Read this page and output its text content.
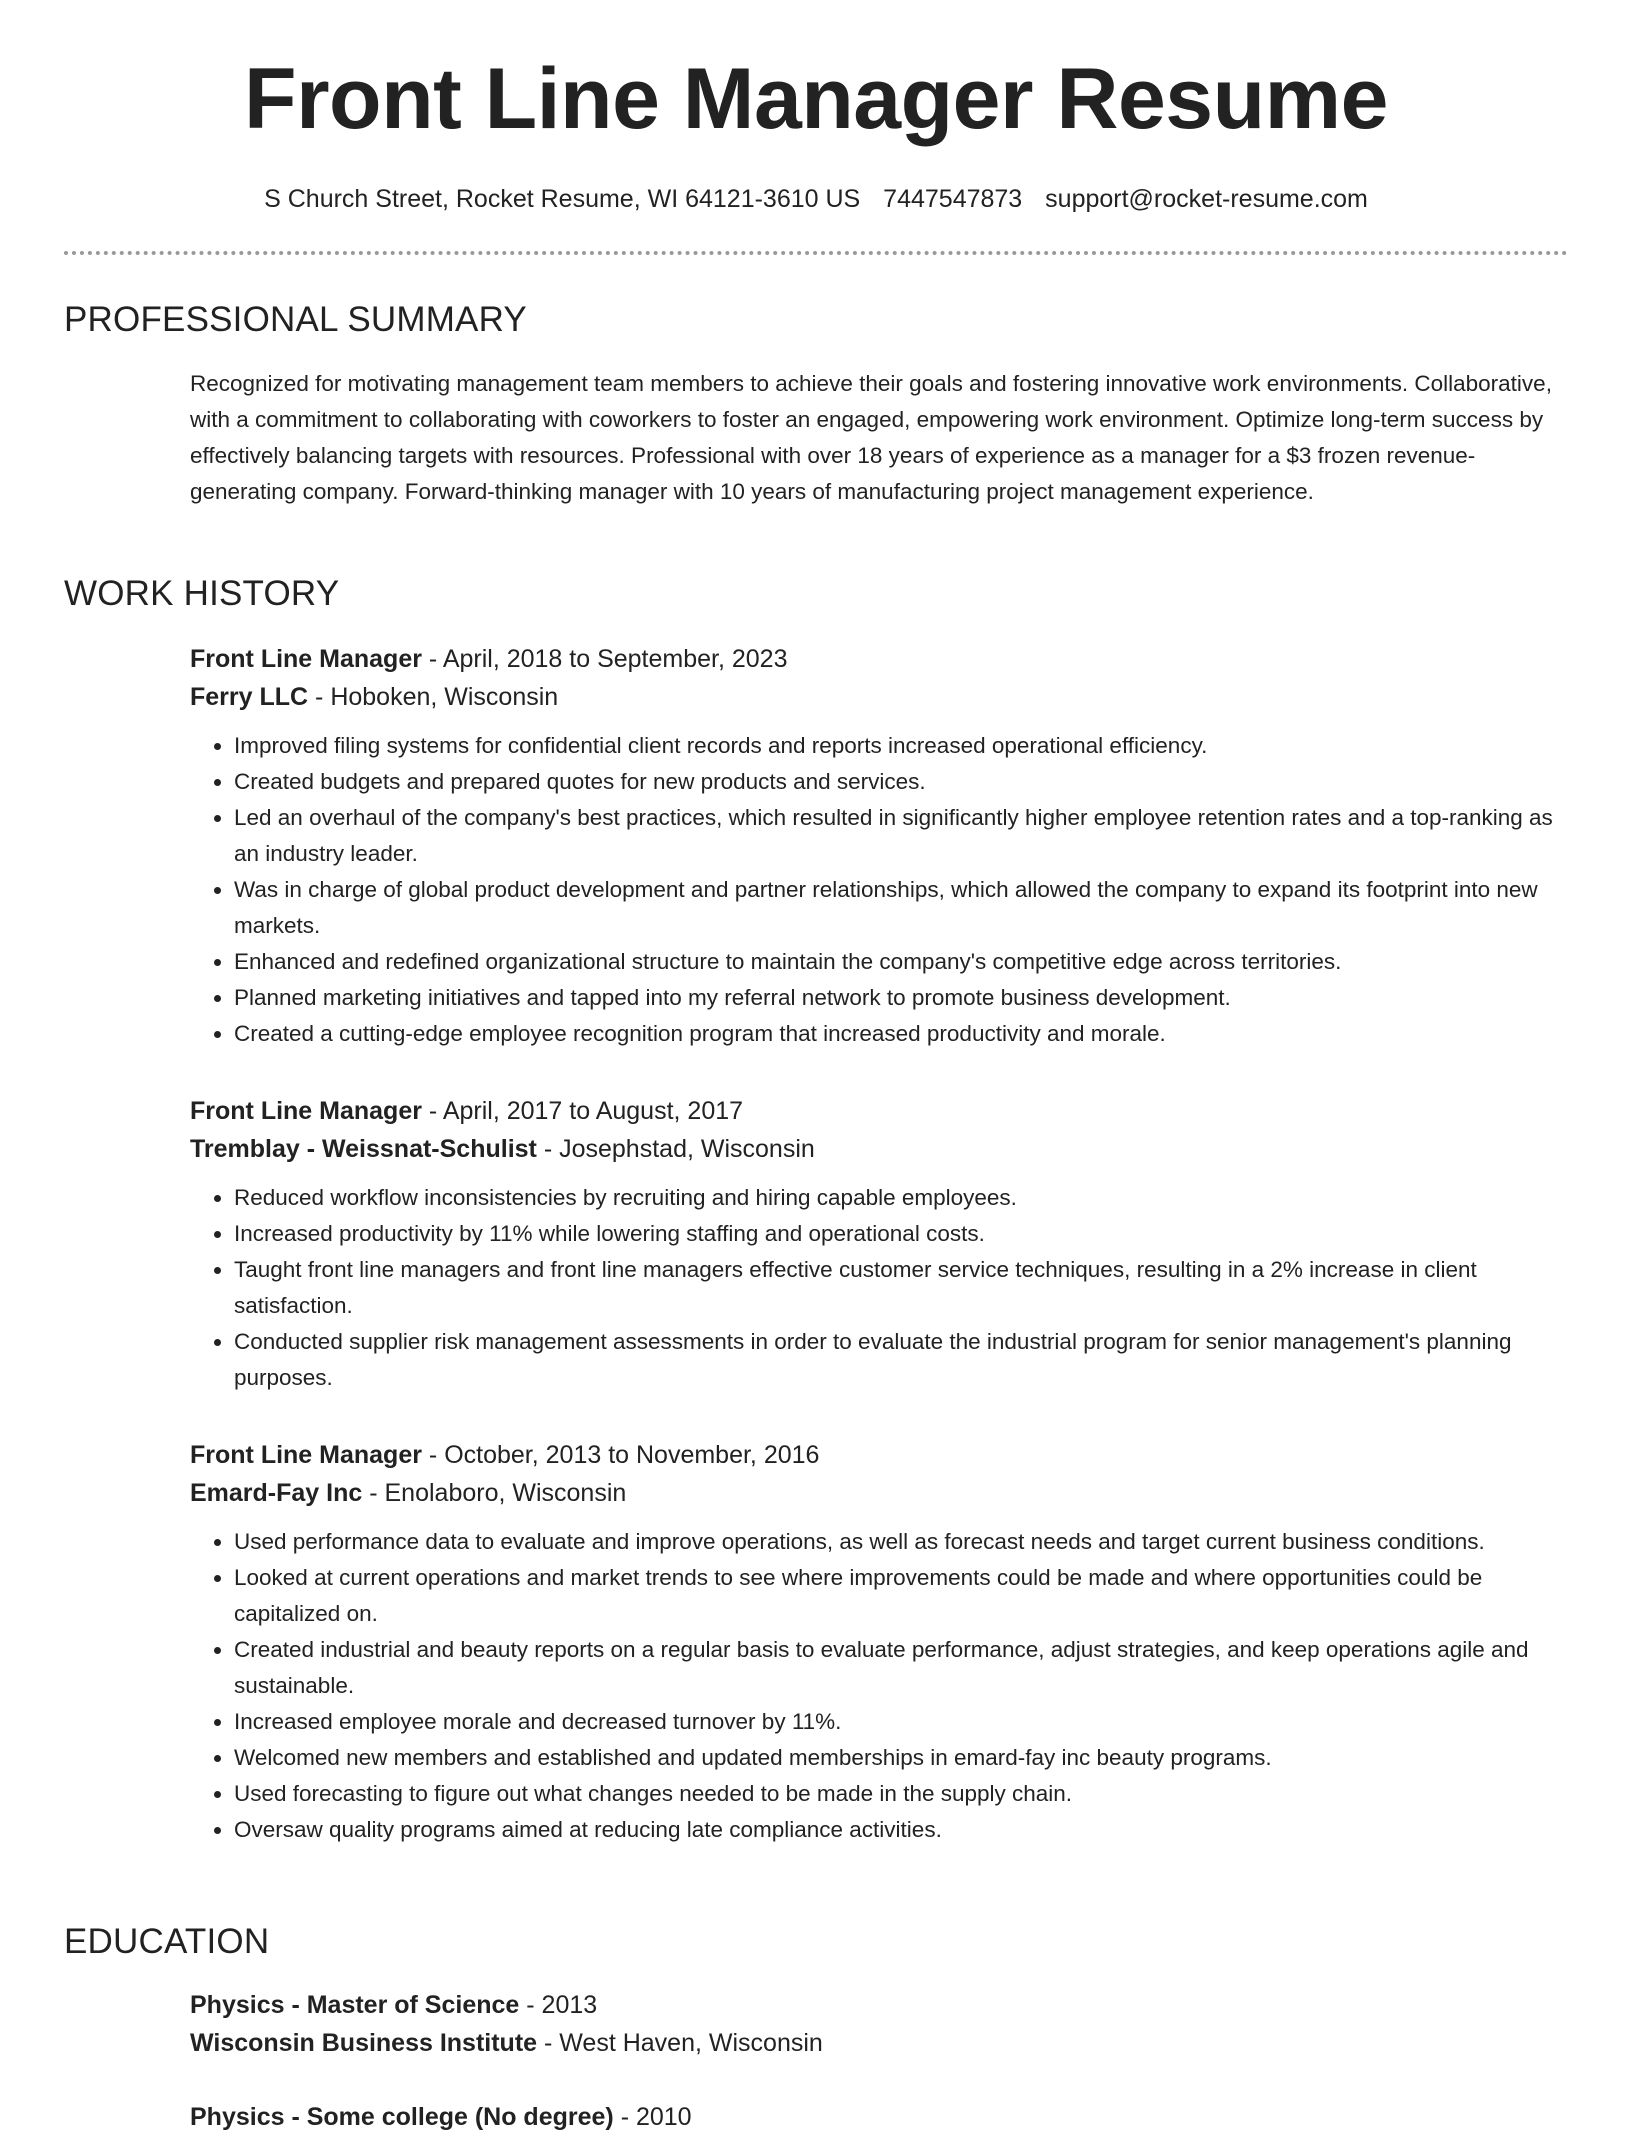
Front Line Manager Resume
S Church Street, Rocket Resume, WI 64121-3610 US 7447547873 support@rocket-resume.com
PROFESSIONAL SUMMARY

Recognized for motivating management team members to achieve their goals and fostering innovative work environments. Collaborative, with a commitment to collaborating with coworkers to foster an engaged, empowering work environment. Optimize long-term success by effectively balancing targets with resources. Professional with over 18 years of experience as a manager for a $3 frozen revenue-generating company. Forward-thinking manager with 10 years of manufacturing project management experience.

WORK HISTORY

Front Line Manager - April, 2018 to September, 2023

Ferry LLC - Hoboken, Wisconsin

• Improved filing systems for confidential client records and reports increased operational efficiency.
• Created budgets and prepared quotes for new products and services.
• Led an overhaul of the company's best practices, which resulted in significantly higher employee retention rates and a top-ranking as an industry leader.
• Was in charge of global product development and partner relationships, which allowed the company to expand its footprint into new markets.
• Enhanced and redefined organizational structure to maintain the company's competitive edge across territories.
• Planned marketing initiatives and tapped into my referral network to promote business development.
• Created a cutting-edge employee recognition program that increased productivity and morale.

Front Line Manager - April, 2017 to August, 2017

Tremblay - Weissnat-Schulist - Josephstad, Wisconsin

• Reduced workflow inconsistencies by recruiting and hiring capable employees.
• Increased productivity by 11% while lowering staffing and operational costs.
• Taught front line managers and front line managers effective customer service techniques, resulting in a 2% increase in client satisfaction.
• Conducted supplier risk management assessments in order to evaluate the industrial program for senior management's planning purposes.

Front Line Manager - October, 2013 to November, 2016

Emard-Fay Inc - Enolaboro, Wisconsin

• Used performance data to evaluate and improve operations, as well as forecast needs and target current business conditions.
• Looked at current operations and market trends to see where improvements could be made and where opportunities could be capitalized on.
• Created industrial and beauty reports on a regular basis to evaluate performance, adjust strategies, and keep operations agile and sustainable.
• Increased employee morale and decreased turnover by 11%.
• Welcomed new members and established and updated memberships in emard-fay inc beauty programs.
• Used forecasting to figure out what changes needed to be made in the supply chain.
• Oversaw quality programs aimed at reducing late compliance activities.
EDUCATION

Physics - Master of Science - 2013

Wisconsin Business Institute - West Haven, Wisconsin

Physics - Some college (No degree) - 2010
